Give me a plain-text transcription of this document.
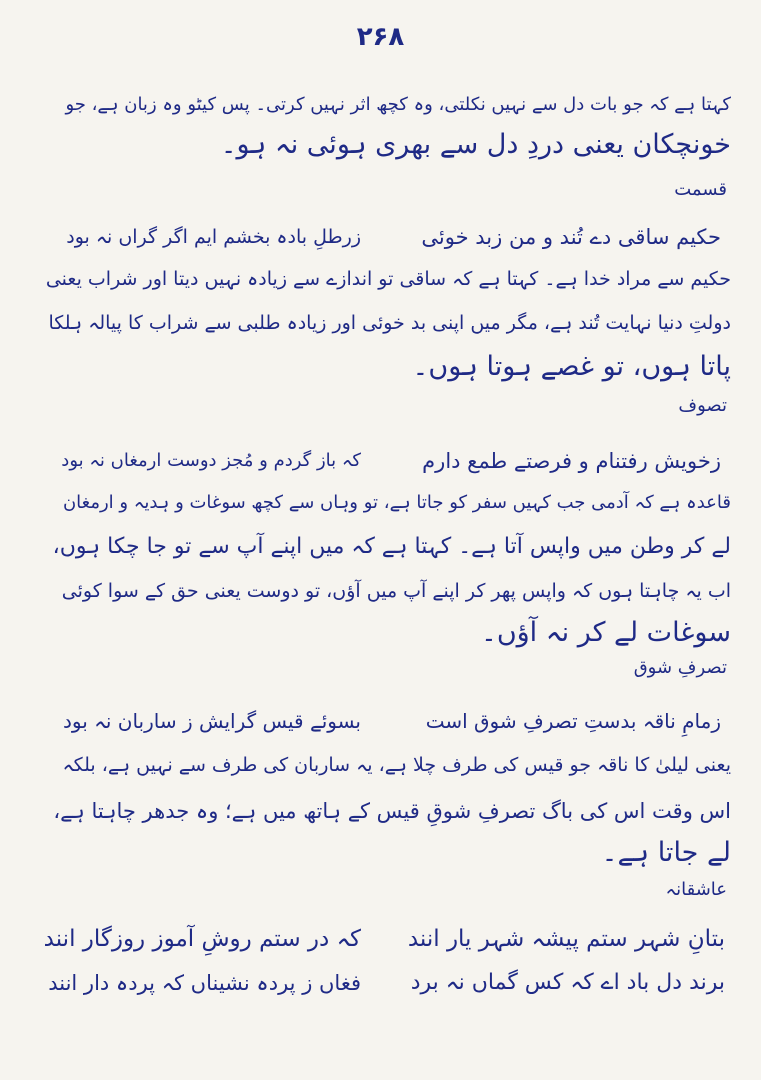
۲۶۸
کہتا ہے کہ جو بات دل سے نہیں نکلتی، وہ کچھ اثر نہیں کرتی۔ پس کیٹو وہ زبان ہے، جو
خونچکان یعنی دردِ دل سے بھری ہوئی نہ ہو۔
قسمت
حکیم ساقی دے تُند و من زبد خوئی
زرطلِ بادہ بخشم ایم اگر گراں نہ بود
حکیم سے مراد خدا ہے۔ کہتا ہے کہ ساقی تو اندازے سے زیادہ نہیں دیتا اور شراب یعنی
دولتِ دنیا نہایت تُند ہے، مگر میں اپنی بد خوئی اور زیادہ طلبی سے شراب کا پیالہ ہلکا
پاتا ہوں، تو غصے ہوتا ہوں۔
تصوف
زخویش رفتنام و فرصتے طمع دارم
کہ باز گردم و مُجز دوست ارمغاں نہ بود
قاعدہ ہے کہ آدمی جب کہیں سفر کو جاتا ہے، تو وہاں سے کچھ سوغات و ہدیہ و ارمغان
لے کر وطن میں واپس آتا ہے۔ کہتا ہے کہ میں اپنے آپ سے تو جا چکا ہوں،
اب یہ چاہتا ہوں کہ واپس پھر کر اپنے آپ میں آؤں، تو دوست یعنی حق کے سوا کوئی
سوغات لے کر نہ آؤں۔
تصرفِ شوق
زمامِ ناقہ بدستِ تصرفِ شوق است
بسوئے قیس گرایش ز ساربان نہ بود
یعنی لیلیٰ کا ناقہ جو قیس کی طرف چلا ہے، یہ ساربان کی طرف سے نہیں ہے، بلکہ
اس وقت اس کی باگ تصرفِ شوقِ قیس کے ہاتھ میں ہے؛ وہ جدھر چاہتا ہے،
لے جاتا ہے۔
عاشقانہ
بتانِ شہر ستم پیشہ شہر یار انند
کہ در ستم روشِ آموز روزگار انند
برند دل باد اے کہ کس گماں نہ برد
فغاں ز پردہ نشیناں کہ پردہ دار انند
